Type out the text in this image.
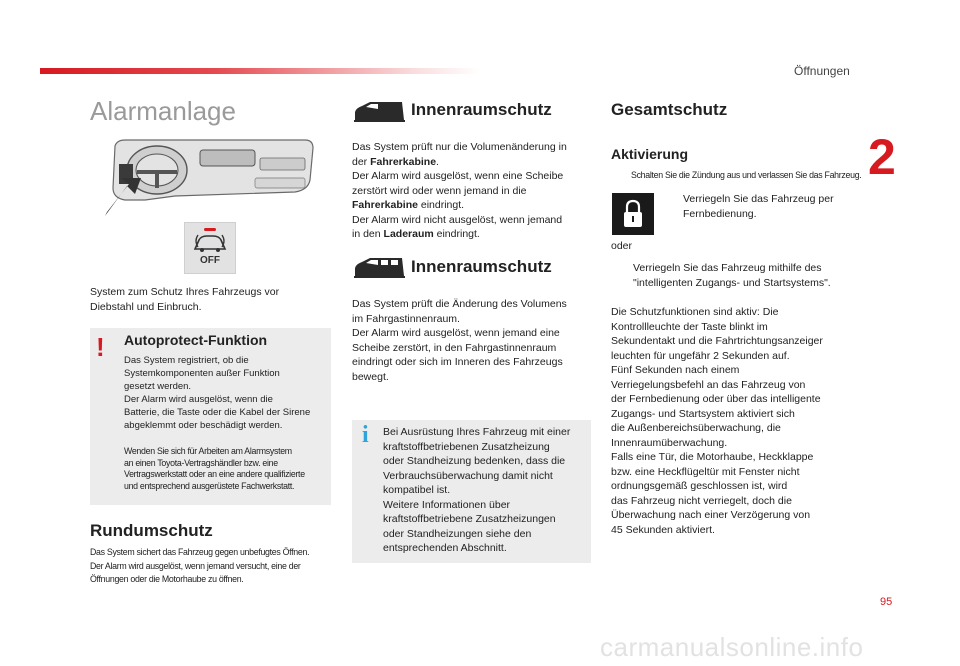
Öffnungen
2
Alarmanlage
OFF
System zum Schutz Ihres Fahrzeugs vor
Diebstahl und Einbruch.
! Autoprotect-Funktion
Das System registriert, ob die
Systemkomponenten außer Funktion
gesetzt werden.
Der Alarm wird ausgelöst, wenn die
Batterie, die Taste oder die Kabel der Sirene
abgeklemmt oder beschädigt werden.
Wenden Sie sich für Arbeiten am Alarmsystem
an einen Toyota-Vertragshändler bzw. eine
Vertragswerkstatt oder an eine andere qualifizierte
und entsprechend ausgerüstete Fachwerkstatt.
Rundumschutz
Das System sichert das Fahrzeug gegen unbefugtes Öffnen.
Der Alarm wird ausgelöst, wenn jemand versucht, eine der
Öffnungen oder die Motorhaube zu öffnen.
Innenraumschutz
Das System prüft nur die Volumenänderung in
der Fahrerkabine.
Der Alarm wird ausgelöst, wenn eine Scheibe
zerstört wird oder wenn jemand in die
Fahrerkabine eindringt.
Der Alarm wird nicht ausgelöst, wenn jemand
in den Laderaum eindringt.
Innenraumschutz
Das System prüft die Änderung des Volumens
im Fahrgastinnenraum.
Der Alarm wird ausgelöst, wenn jemand eine
Scheibe zerstört, in den Fahrgastinnenraum
eindringt oder sich im Inneren des Fahrzeugs
bewegt.
i Bei Ausrüstung Ihres Fahrzeug mit einer
kraftstoffbetriebenen Zusatzheizung
oder Standheizung bedenken, dass die
Verbrauchsüberwachung damit nicht
kompatibel ist.
Weitere Informationen über
kraftstoffbetriebene Zusatzheizungen
oder Standheizungen siehe den
entsprechenden Abschnitt.
Gesamtschutz
Aktivierung
Schalten Sie die Zündung aus und verlassen Sie das Fahrzeug.
Verriegeln Sie das Fahrzeug per
Fernbedienung.
oder
Verriegeln Sie das Fahrzeug mithilfe des
"intelligenten Zugangs- und Startsystems".
Die Schutzfunktionen sind aktiv: Die
Kontrollleuchte der Taste blinkt im
Sekundentakt und die Fahrtrichtungsanzeiger
leuchten für ungefähr 2 Sekunden auf.
Fünf Sekunden nach einem
Verriegelungsbefehl an das Fahrzeug von
der Fernbedienung oder über das intelligente
Zugangs- und Startsystem aktiviert sich
die Außenbereichsüberwachung, die
Innenraumüberwachung.
Falls eine Tür, die Motorhaube, Heckklappe
bzw. eine Heckflügeltür mit Fenster nicht
ordnungsgemäß geschlossen ist, wird
das Fahrzeug nicht verriegelt, doch die
Überwachung nach einer Verzögerung von
45 Sekunden aktiviert.
95
carmanualsonline.info
